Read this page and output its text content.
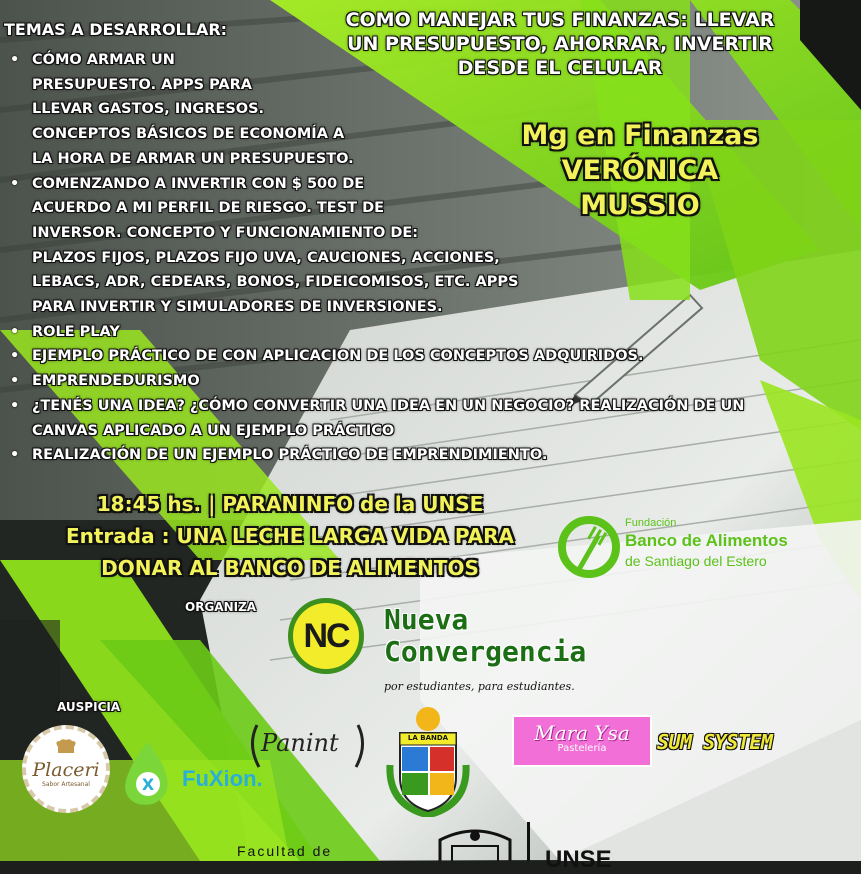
COMO MANEJAR TUS FINANZAS: LLEVAR
UN PRESUPUESTO, AHORRAR, INVERTIR
DESDE EL CELULAR
Mg en Finanzas
VERÓNICA
MUSSIO
TEMAS A DESARROLLAR:
• CÓMO ARMAR UN
PRESUPUESTO. APPS PARA
LLEVAR GASTOS, INGRESOS.
CONCEPTOS BÁSICOS DE ECONOMÍA A
LA HORA DE ARMAR UN PRESUPUESTO.
• COMENZANDO A INVERTIR CON $ 500 DE
ACUERDO A MI PERFIL DE RIESGO. TEST DE
INVERSOR. CONCEPTO Y FUNCIONAMIENTO DE:
PLAZOS FIJOS, PLAZOS FIJO UVA, CAUCIONES, ACCIONES,
LEBACS, ADR, CEDEARS, BONOS, FIDEICOMISOS, ETC. APPS
PARA INVERTIR Y SIMULADORES DE INVERSIONES.
• ROLE PLAY
• EJEMPLO PRÁCTICO DE CON APLICACION DE LOS CONCEPTOS ADQUIRIDOS.
• EMPRENDEDURISMO
• ¿TENÉS UNA IDEA? ¿CÓMO CONVERTIR UNA IDEA EN UN NEGOCIO? REALIZACIÓN DE UN
CANVAS APLICADO A UN EJEMPLO PRÁCTICO
• REALIZACIÓN DE UN EJEMPLO PRÁCTICO DE EMPRENDIMIENTO.
18:45 hs. | PARANINFO de la UNSE
Entrada : UNA LECHE LARGA VIDA PARA
DONAR AL BANCO DE ALIMENTOS
Fundación
Banco de Alimentos
de Santiago del Estero
ORGANIZA
NC	Nueva
Convergencia
por estudiantes, para estudiantes.
AUSPICIA
Placeri
Sabor Artesanal	X FuXion.
Panint	LA BANDA	Mara Ysa
Pastelería	SUM SYSTEM
Facultad de	UNSE
